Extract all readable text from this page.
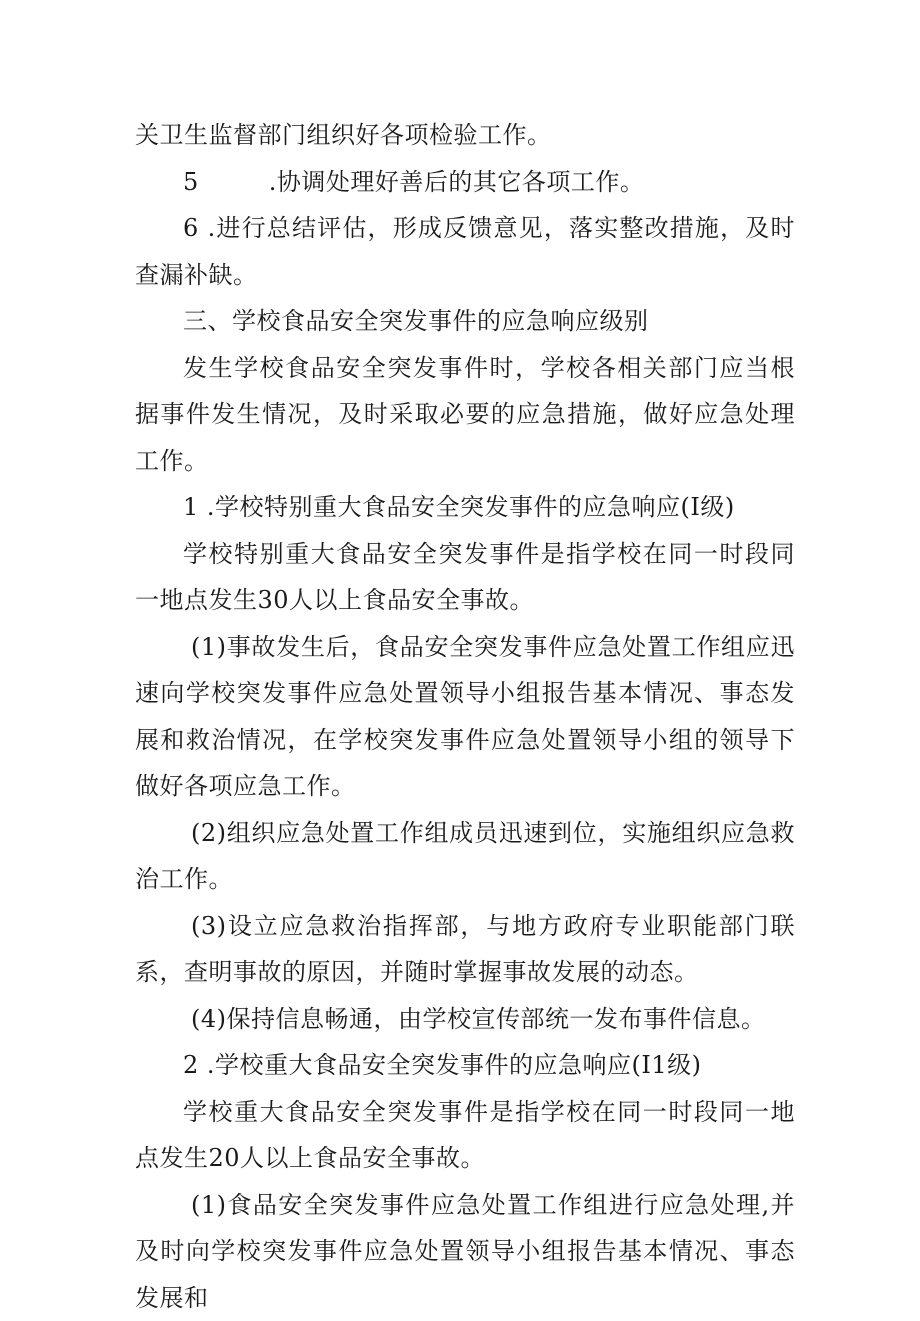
关卫生监督部门组织好各项检验工作。

5	.协调处理好善后的其它各项工作。

6 .进行总结评估，形成反馈意见，落实整改措施，及时查漏补缺。

三、学校食品安全突发事件的应急响应级别

发生学校食品安全突发事件时，学校各相关部门应当根据事件发生情况，及时采取必要的应急措施，做好应急处理工作。

1 .学校特别重大食品安全突发事件的应急响应(I级)

学校特别重大食品安全突发事件是指学校在同一时段同一地点发生30人以上食品安全事故。

(1)事故发生后，食品安全突发事件应急处置工作组应迅速向学校突发事件应急处置领导小组报告基本情况、事态发展和救治情况，在学校突发事件应急处置领导小组的领导下做好各项应急工作。

(2)组织应急处置工作组成员迅速到位，实施组织应急救治工作。

(3)设立应急救治指挥部，与地方政府专业职能部门联系，查明事故的原因，并随时掌握事故发展的动态。

(4)保持信息畅通，由学校宣传部统一发布事件信息。

2 .学校重大食品安全突发事件的应急响应(I1级)

学校重大食品安全突发事件是指学校在同一时段同一地点发生20人以上食品安全事故。

(1)食品安全突发事件应急处置工作组进行应急处理,并及时向学校突发事件应急处置领导小组报告基本情况、事态发展和
